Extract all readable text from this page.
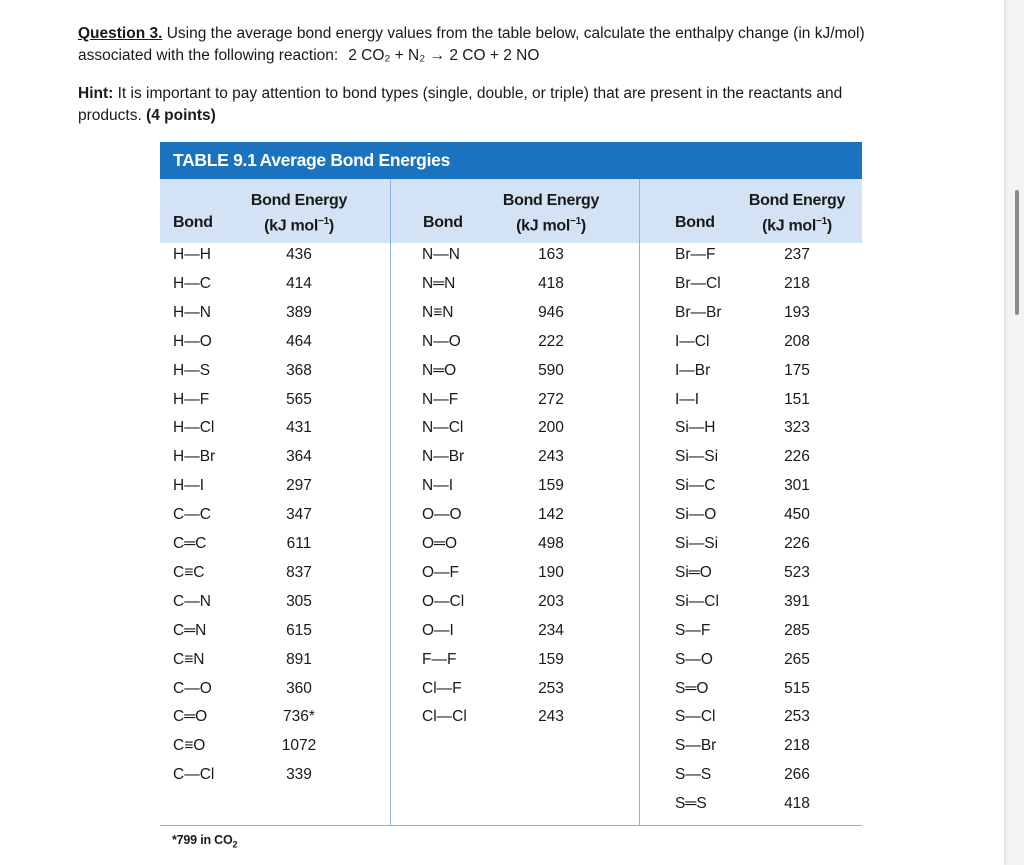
Question 3. Using the average bond energy values from the table below, calculate the enthalpy change (in kJ/mol)
associated with the following reaction: 2 CO₂ + N₂ → 2 CO + 2 NO
Hint: It is important to pay attention to bond types (single, double, or triple) that are present in the reactants and
products. (4 points)
TABLE 9.1 Average Bond Energies
Bond
Bond Energy
(kJ mol$^{-1}$)	Bond
Bond Energy
(kJ mol$^{-1}$)	Bond
Bond Energy
(kJ mol$^{-1}$)
H—H	436
H—C	414
H—N	389
H—O	464
H—S	368
H—F	565
H—Cl	431
H—Br	364
H—I	297
C—C	347
C═C	611
C≡C	837
C—N	305
C═N	615
C≡N	891
C—O	360
C═O	736*
C≡O	1072
C—Cl	339
N—N	163
N═N	418
N≡N	946
N—O	222
N═O	590
N—F	272
N—Cl	200
N—Br	243
N—I	159
O—O	142
O═O	498
O—F	190
O—Cl	203
O—I	234
F—F	159
Cl—F	253
Cl—Cl	243
Br—F	237
Br—Cl	218
Br—Br	193
I—Cl	208
I—Br	175
I—I	151
Si—H	323
Si—Si	226
Si—C	301
Si—O	450
Si—Si	226
Si═O	523
Si—Cl	391
S—F	285
S—O	265
S═O	515
S—Cl	253
S—Br	218
S—S	266
S═S	418
*799 in $CO_2$
